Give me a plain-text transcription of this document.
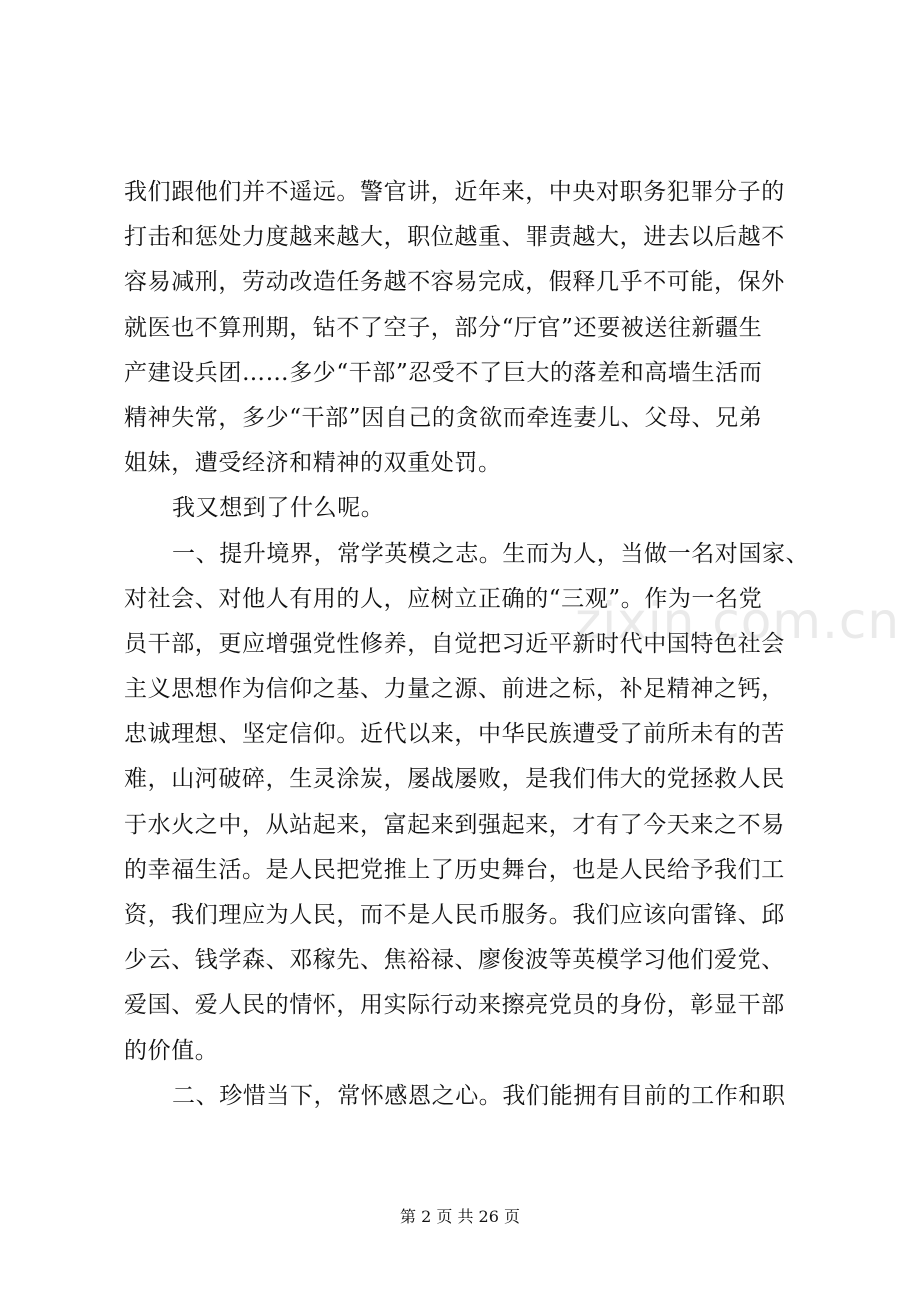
我们跟他们并不遥远。警官讲，近年来，中央对职务犯罪分子的
打击和惩处力度越来越大，职位越重、罪责越大，进去以后越不
容易减刑，劳动改造任务越不容易完成，假释几乎不可能，保外
就医也不算刑期，钻不了空子，部分“厅官”还要被送往新疆生
产建设兵团……多少“干部”忍受不了巨大的落差和高墙生活而
精神失常，多少“干部”因自己的贪欲而牵连妻儿、父母、兄弟
姐妹，遭受经济和精神的双重处罚。
我又想到了什么呢。
一、提升境界，常学英模之志。生而为人，当做一名对国家、
对社会、对他人有用的人，应树立正确的“三观”。作为一名党
员干部，更应增强党性修养，自觉把习近平新时代中国特色社会
主义思想作为信仰之基、力量之源、前进之标，补足精神之钙，
忠诚理想、坚定信仰。近代以来，中华民族遭受了前所未有的苦
难，山河破碎，生灵涂炭，屡战屡败，是我们伟大的党拯救人民
于水火之中，从站起来，富起来到强起来，才有了今天来之不易
的幸福生活。是人民把党推上了历史舞台，也是人民给予我们工
资，我们理应为人民，而不是人民币服务。我们应该向雷锋、邱
少云、钱学森、邓稼先、焦裕禄、廖俊波等英模学习他们爱党、
爱国、爱人民的情怀，用实际行动来擦亮党员的身份，彰显干部
的价值。
二、珍惜当下，常怀感恩之心。我们能拥有目前的工作和职
zixin.com.cn
第 2 页 共 26 页
